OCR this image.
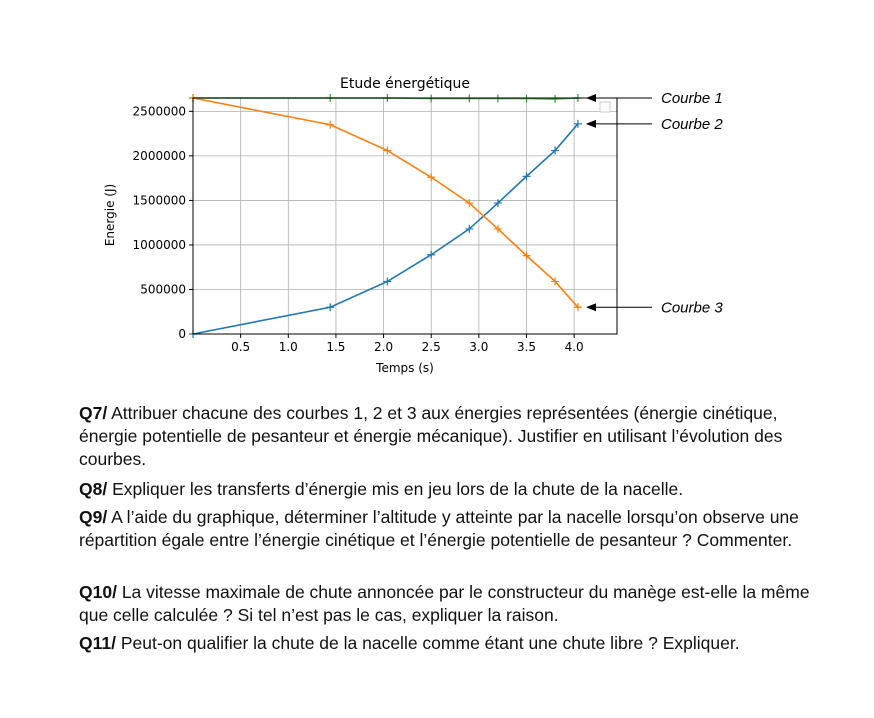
Etude énergétique
Energie (J)
Temps (s)
0.5 1.0 1.5 2.0 2.5 3.0 3.5 4.0
0
500000
1000000
1500000
2000000
2500000
Courbe 1
Courbe 2
Courbe 3
Q7/ Attribuer chacune des courbes 1, 2 et 3 aux énergies représentées (énergie cinétique, énergie potentielle de pesanteur et énergie mécanique). Justifier en utilisant l’évolution des courbes.
Q8/ Expliquer les transferts d’énergie mis en jeu lors de la chute de la nacelle.
Q9/ A l’aide du graphique, déterminer l’altitude y atteinte par la nacelle lorsqu’on observe une répartition égale entre l’énergie cinétique et l’énergie potentielle de pesanteur ? Commenter.
Q10/ La vitesse maximale de chute annoncée par le constructeur du manège est-elle la même que celle calculée ? Si tel n’est pas le cas, expliquer la raison.
Q11/ Peut-on qualifier la chute de la nacelle comme étant une chute libre ? Expliquer.
